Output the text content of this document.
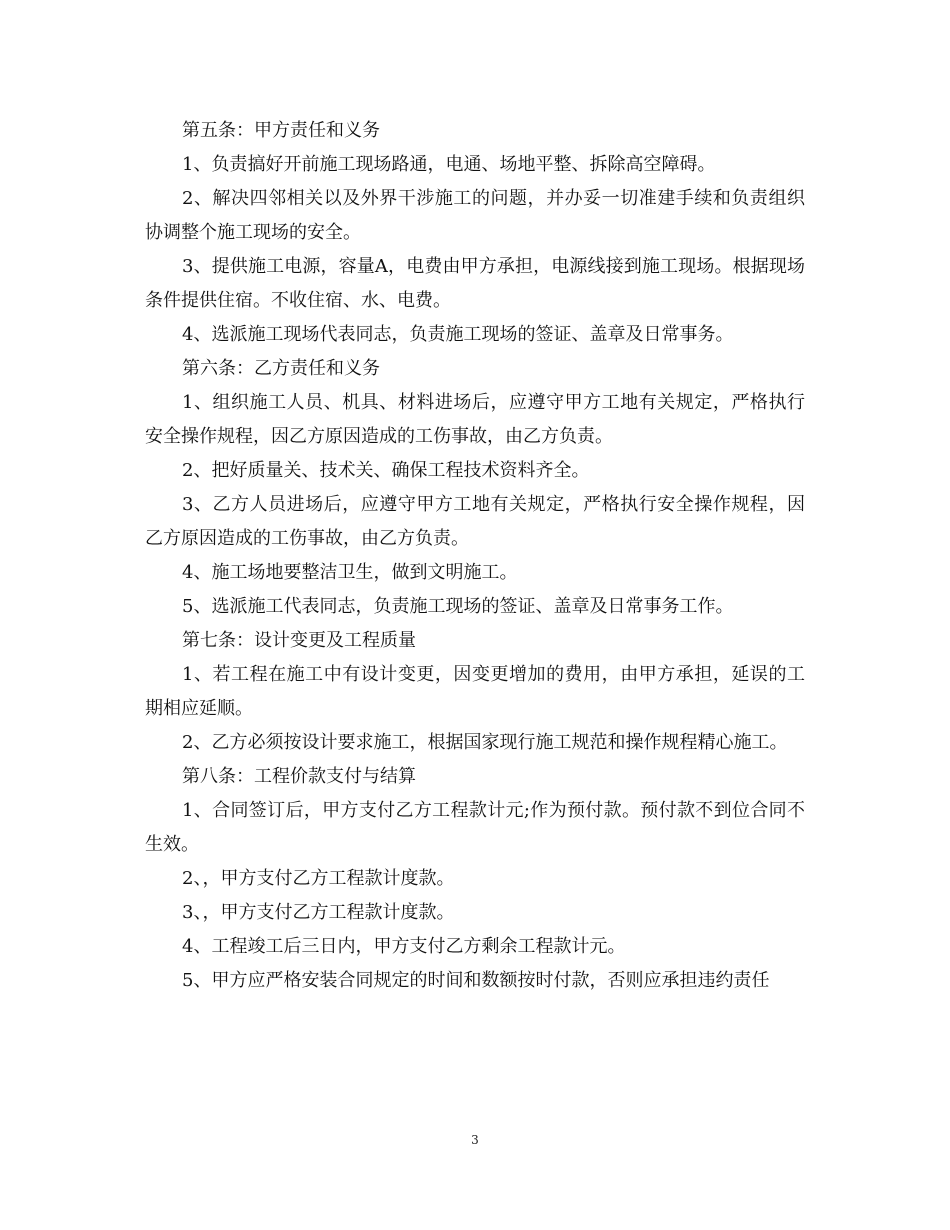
第五条：甲方责任和义务

1、负责搞好开前施工现场路通，电通、场地平整、拆除高空障碍。

2、解决四邻相关以及外界干涉施工的问题，并办妥一切准建手续和负责组织协调整个施工现场的安全。

3、提供施工电源，容量A，电费由甲方承担，电源线接到施工现场。根据现场条件提供住宿。不收住宿、水、电费。

4、选派施工现场代表同志，负责施工现场的签证、盖章及日常事务。

第六条：乙方责任和义务

1、组织施工人员、机具、材料进场后，应遵守甲方工地有关规定，严格执行安全操作规程，因乙方原因造成的工伤事故，由乙方负责。

2、把好质量关、技术关、确保工程技术资料齐全。

3、乙方人员进场后，应遵守甲方工地有关规定，严格执行安全操作规程，因乙方原因造成的工伤事故，由乙方负责。

4、施工场地要整洁卫生，做到文明施工。

5、选派施工代表同志，负责施工现场的签证、盖章及日常事务工作。

第七条：设计变更及工程质量

1、若工程在施工中有设计变更，因变更增加的费用，由甲方承担，延误的工期相应延顺。

2、乙方必须按设计要求施工，根据国家现行施工规范和操作规程精心施工。

第八条：工程价款支付与结算

1、合同签订后，甲方支付乙方工程款计元;作为预付款。预付款不到位合同不生效。

2、，甲方支付乙方工程款计度款。

3、，甲方支付乙方工程款计度款。

4、工程竣工后三日内，甲方支付乙方剩余工程款计元。

5、甲方应严格安装合同规定的时间和数额按时付款，否则应承担违约责任

3
